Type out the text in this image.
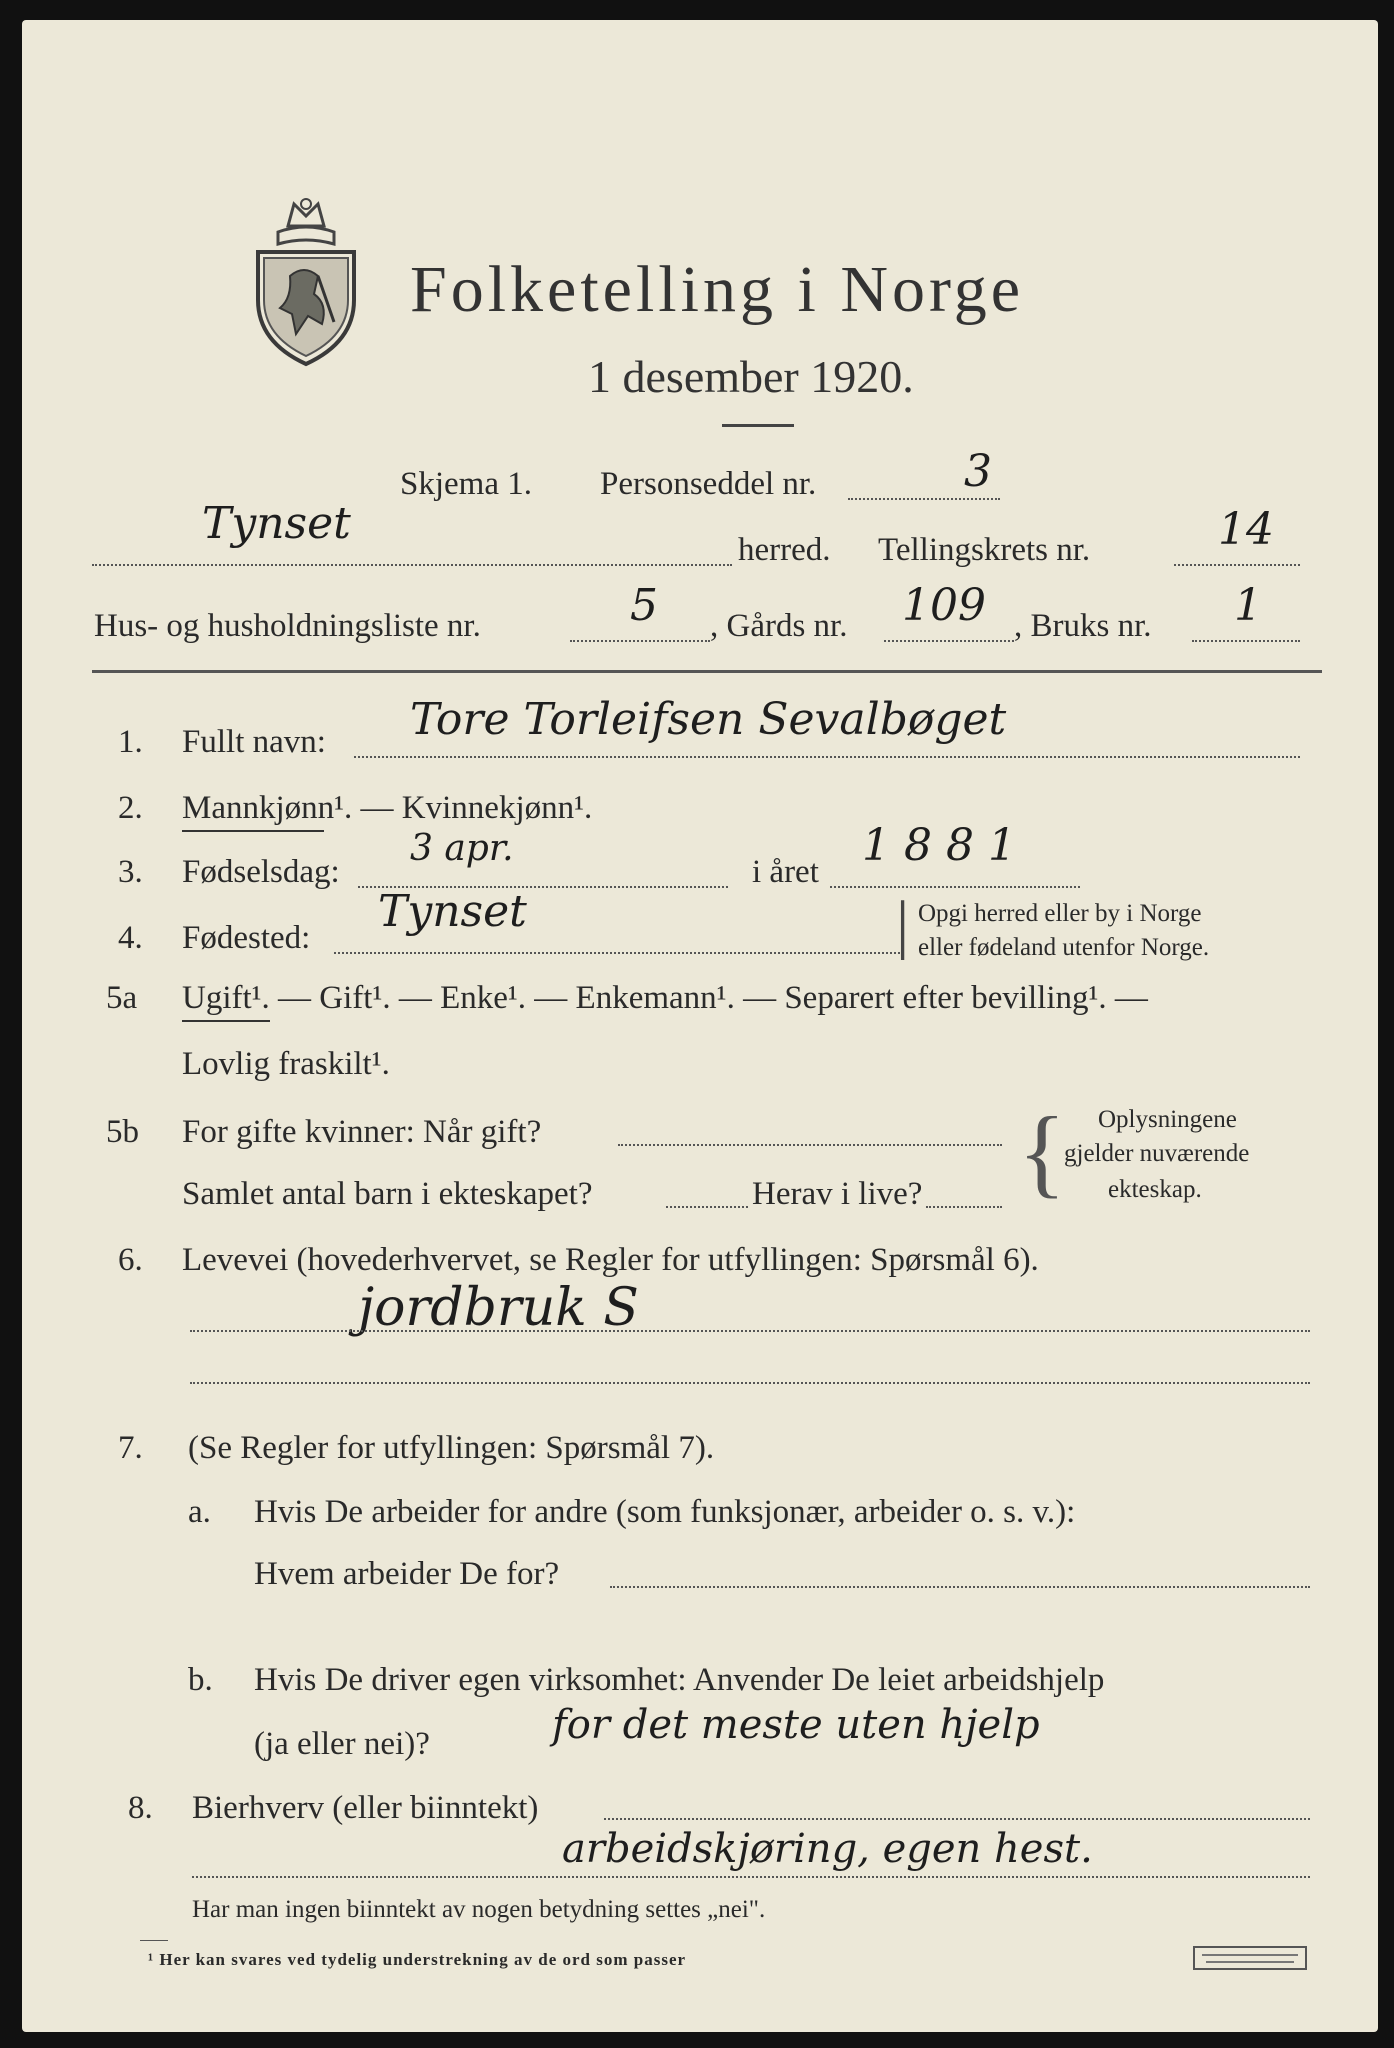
Folketelling i Norge
1 desember 1920.
Skjema 1. Personseddel nr.	3
Tynset
herred. Tellingskrets nr.	14
Hus- og husholdningsliste nr.	5 , Gårds nr. 109 , Bruks nr. 1
1. Fullt navn: Tore Torleifsen Sevalbøget
2. Mannkjønn¹. — Kvinnekjønn¹.
3. Fødselsdag:
3 apr.
i året
1881
4. Fødested:
Tynset	| Opgi herred eller by i Norge
eller fødeland utenfor Norge.
5a Ugift¹. — Gift¹. — Enke¹. — Enkemann¹. — Separert efter bevilling¹. —
Lovlig fraskilt¹.
5b For gifte kvinner: Når gift?
Samlet antal barn i ekteskapet?	Herav i live? { Oplysningene
gjelder nuværende
ekteskap.
6. Levevei (hovederhvervet, se Regler for utfyllingen: Spørsmål 6).
jordbruk S
7. (Se Regler for utfyllingen: Spørsmål 7).
a. Hvis De arbeider for andre (som funksjonær, arbeider o. s. v.):
Hvem arbeider De for?
b. Hvis De driver egen virksomhet: Anvender De leiet arbeidshjelp
(ja eller nei)?	for det meste uten hjelp
8. Bierhverv (eller biinntekt)
arbeidskjøring, egen hest.
Har man ingen biinntekt av nogen betydning settes „nei".
¹ Her kan svares ved tydelig understrekning av de ord som passer
